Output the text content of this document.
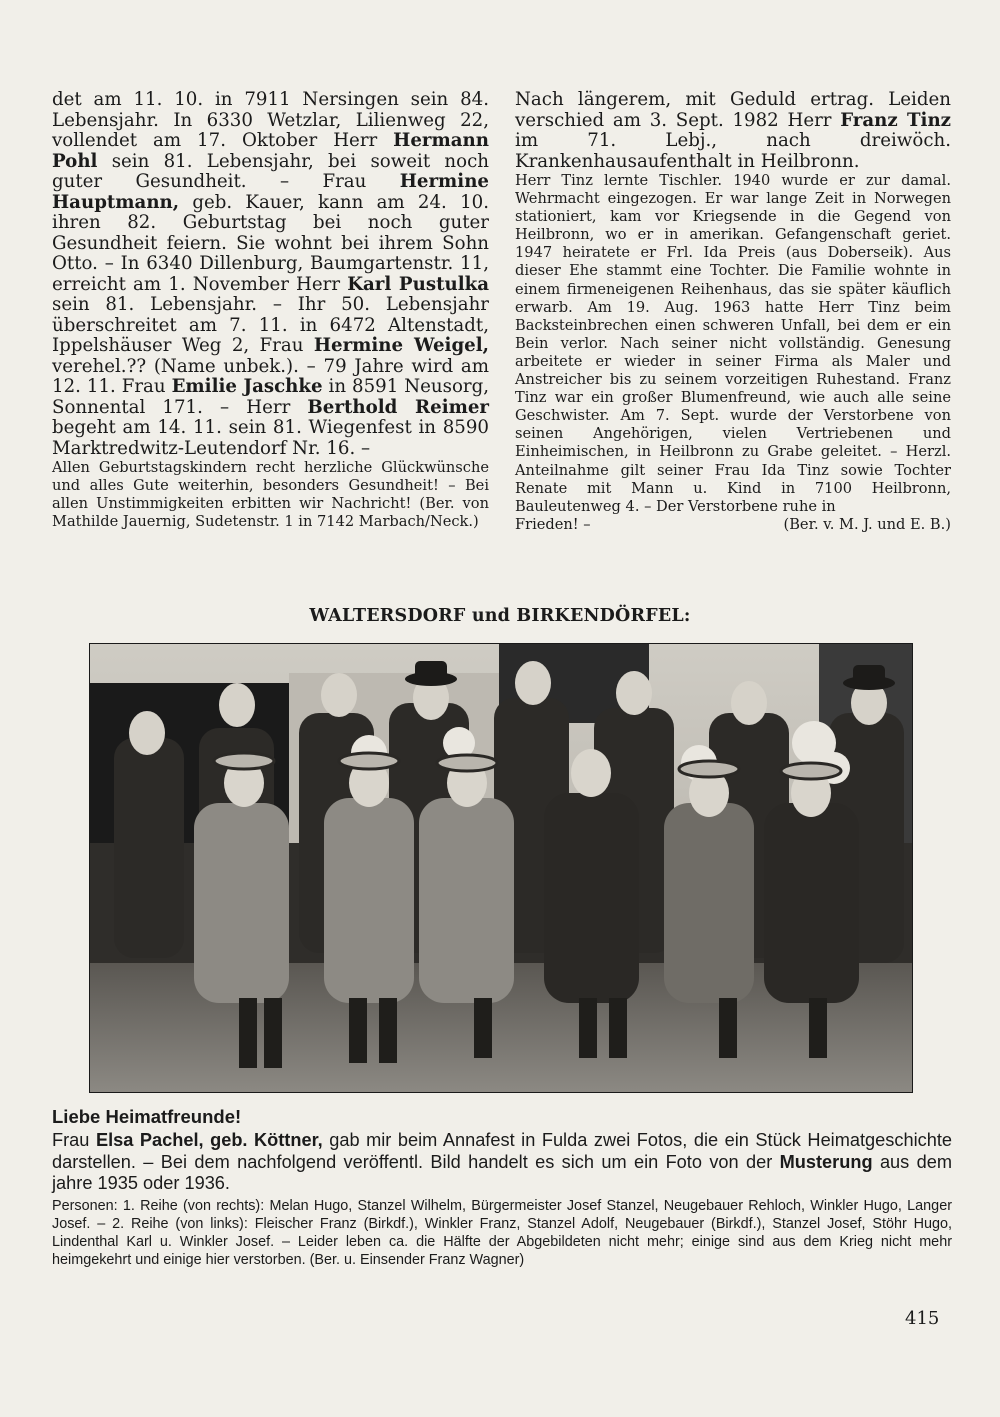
det am 11. 10. in 7911 Nersingen sein 84. Lebensjahr. In 6330 Wetzlar, Lilienweg 22, vollendet am 17. Oktober Herr Hermann Pohl sein 81. Lebensjahr, bei soweit noch guter Gesundheit. – Frau Hermine Hauptmann, geb. Kauer, kann am 24. 10. ihren 82. Geburtstag bei noch guter Gesundheit feiern. Sie wohnt bei ihrem Sohn Otto. – In 6340 Dillenburg, Baumgartenstr. 11, erreicht am 1. November Herr Karl Pustulka sein 81. Lebensjahr. – Ihr 50. Lebensjahr überschreitet am 7. 11. in 6472 Altenstadt, Ippelshäuser Weg 2, Frau Hermine Weigel, verehel.?? (Name unbek.). – 79 Jahre wird am 12. 11. Frau Emilie Jaschke in 8591 Neusorg, Sonnental 171. – Herr Berthold Reimer begeht am 14. 11. sein 81. Wiegenfest in 8590 Marktredwitz-Leutendorf Nr. 16. –

Allen Geburtstagskindern recht herzliche Glückwünsche und alles Gute weiterhin, besonders Gesundheit! – Bei allen Unstimmigkeiten erbitten wir Nachricht! (Ber. von Mathilde Jauernig, Sudetenstr. 1 in 7142 Marbach/Neck.)

Nach längerem, mit Geduld ertrag. Leiden verschied am 3. Sept. 1982 Herr Franz Tinz im 71. Lebj., nach dreiwöch. Krankenhausaufenthalt in Heilbronn.

Herr Tinz lernte Tischler. 1940 wurde er zur damal. Wehrmacht eingezogen. Er war lange Zeit in Norwegen stationiert, kam vor Kriegsende in die Gegend von Heilbronn, wo er in amerikan. Gefangenschaft geriet. 1947 heiratete er Frl. Ida Preis (aus Doberseik). Aus dieser Ehe stammt eine Tochter. Die Familie wohnte in einem firmeneigenen Reihenhaus, das sie später käuflich erwarb. Am 19. Aug. 1963 hatte Herr Tinz beim Backsteinbrechen einen schweren Unfall, bei dem er ein Bein verlor. Nach seiner nicht vollständig. Genesung arbeitete er wieder in seiner Firma als Maler und Anstreicher bis zu seinem vorzeitigen Ruhestand. Franz Tinz war ein großer Blumenfreund, wie auch alle seine Geschwister. Am 7. Sept. wurde der Verstorbene von seinen Angehörigen, vielen Vertriebenen und Einheimischen, in Heilbronn zu Grabe geleitet. – Herzl. Anteilnahme gilt seiner Frau Ida Tinz sowie Tochter Renate mit Mann u. Kind in 7100 Heilbronn, Bauleutenweg 4. – Der Verstorbene ruhe in

Frieden! –	(Ber. v. M. J. und E. B.)
WALTERSDORF und BIRKENDÖRFEL:
Liebe Heimatfreunde!

Frau Elsa Pachel, geb. Köttner, gab mir beim Annafest in Fulda zwei Fotos, die ein Stück Heimatgeschichte darstellen. – Bei dem nachfolgend veröffentl. Bild handelt es sich um ein Foto von der Musterung aus dem jahre 1935 oder 1936.

Personen: 1. Reihe (von rechts): Melan Hugo, Stanzel Wilhelm, Bürgermeister Josef Stanzel, Neugebauer Rehloch, Winkler Hugo, Langer Josef. – 2. Reihe (von links): Fleischer Franz (Birkdf.), Winkler Franz, Stanzel Adolf, Neugebauer (Birkdf.), Stanzel Josef, Stöhr Hugo, Lindenthal Karl u. Winkler Josef. – Leider leben ca. die Hälfte der Abgebildeten nicht mehr; einige sind aus dem Krieg nicht mehr heimgekehrt und einige hier verstorben. (Ber. u. Einsender Franz Wagner)

415
